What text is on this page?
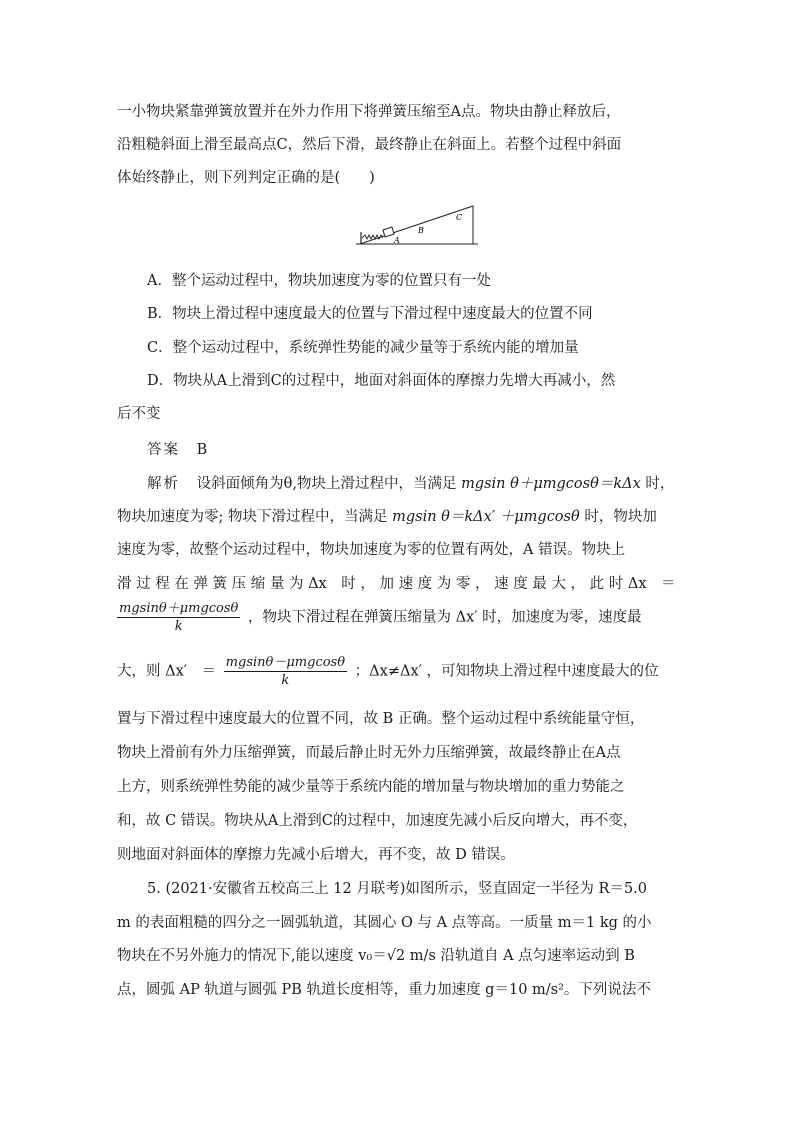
一小物块紧靠弹簧放置并在外力作用下将弹簧压缩至A点。物块由静止释放后，
沿粗糙斜面上滑至最高点C，然后下滑，最终静止在斜面上。若整个过程中斜面
体始终静止，则下列判定正确的是(　　)
A
B
C
A．整个运动过程中，物块加速度为零的位置只有一处
B．物块上滑过程中速度最大的位置与下滑过程中速度最大的位置不同
C．整个运动过程中，系统弹性势能的减少量等于系统内能的增加量
D．物块从A上滑到C的过程中，地面对斜面体的摩擦力先增大再减小，然
后不变
答案 B
解析 设斜面倾角为θ,物块上滑过程中，当满足 mgsin θ＋μmgcosθ＝kΔx 时，
物块加速度为零; 物块下滑过程中，当满足 mgsin θ＝kΔx′ ＋μmgcosθ 时，物块加
速度为零，故整个运动过程中，物块加速度为零的位置有两处，A 错误。物块上
滑 过 程 在 弹 簧 压 缩 量 为 Δx　时 ， 加 速 度 为 零 ， 速 度 最 大 ， 此 时 Δx　＝
$\frac{\text{mgsinθ＋μmgcosθ}}{k}$ ，物块下滑过程在弹簧压缩量为 Δx′ 时，加速度为零，速度最
大，则 Δx′　＝ $\frac{\text{mgsinθ－μmgcosθ}}{k}$ ；Δx≠Δx′ ，可知物块上滑过程中速度最大的位
置与下滑过程中速度最大的位置不同，故 B 正确。整个运动过程中系统能量守恒，
物块上滑前有外力压缩弹簧，而最后静止时无外力压缩弹簧，故最终静止在A点
上方，则系统弹性势能的减少量等于系统内能的增加量与物块增加的重力势能之
和，故 C 错误。物块从A上滑到C的过程中，加速度先减小后反向增大，再不变，
则地面对斜面体的摩擦力先减小后增大，再不变，故 D 错误。
5. (2021·安徽省五校高三上 12 月联考)如图所示，竖直固定一半径为 R＝5.0
m 的表面粗糙的四分之一圆弧轨道，其圆心 O 与 A 点等高。一质量 m＝1 kg 的小
物块在不另外施力的情况下,能以速度 v₀＝√2 m/s 沿轨道自 A 点匀速率运动到 B
点，圆弧 AP 轨道与圆弧 PB 轨道长度相等，重力加速度 g＝10 m/s²。下列说法不
